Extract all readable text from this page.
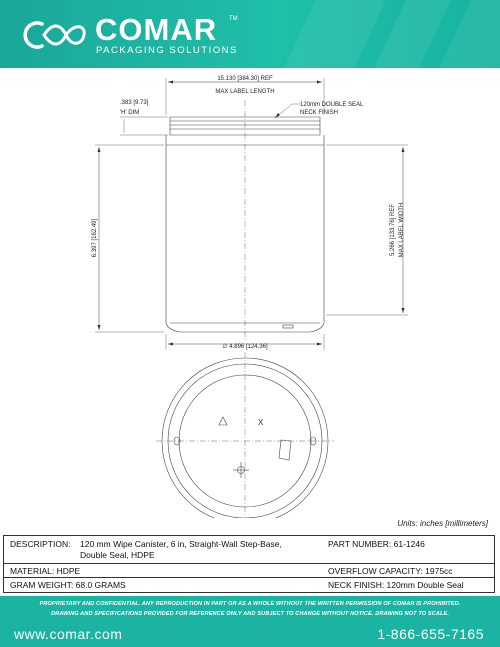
COMAR TM
PACKAGING SOLUTIONS
15.130 [384.30] REF
MAX LABEL LENGTH
.383 [9.73]
'H' DIM
120mm DOUBLE SEAL
NECK FINISH
6.397 [162.49]	5.266 [133.76] REF MAX LABEL WIDTH
∅ 4.896 [124.36]
X
Units: inches [millimeters]
DESCRIPTION: 120 mm Wipe Canister, 6 in, Straight-Wall Step-Base,
Double Seal, HDPE
PART NUMBER: 61-1246
MATERIAL: HDPE	OVERFLOW CAPACITY: 1975cc
GRAM WEIGHT: 68.0 GRAMS	NECK FINISH: 120mm Double Seal
PROPRIETARY AND CONFIDENTIAL. ANY REPRODUCTION IN PART OR AS A WHOLE WITHOUT THE WRITTEN PERMISSION OF COMAR IS PROHIBITED.
DRAWING AND SPECIFICATIONS PROVIDED FOR REFERENCE ONLY AND SUBJECT TO CHANGE WITHOUT NOTICE. DRAWING NOT TO SCALE.
www.comar.com	1-866-655-7165
